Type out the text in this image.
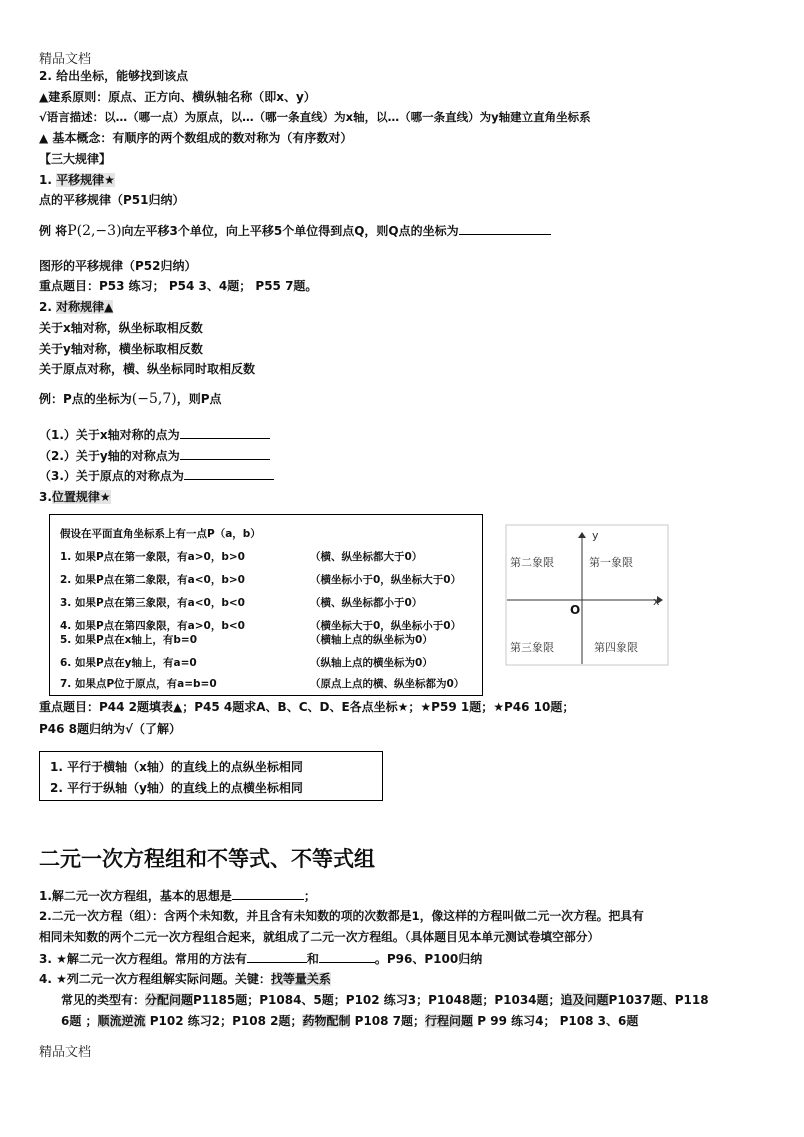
精品文档
2. 给出坐标，能够找到该点
▲建系原则：原点、正方向、横纵轴名称（即x、y）
√语言描述：以…（哪一点）为原点，以…（哪一条直线）为x轴，以…（哪一条直线）为y轴建立直角坐标系
▲ 基本概念：有顺序的两个数组成的数对称为（有序数对）
【三大规律】
1. 平移规律★
点的平移规律（P51归纳）
例 将P(2,−3)向左平移3个单位，向上平移5个单位得到点Q，则Q点的坐标为
图形的平移规律（P52归纳）
重点题目：P53 练习； P54 3、4题； P55 7题。
2. 对称规律▲
关于x轴对称，纵坐标取相反数
关于y轴对称，横坐标取相反数
关于原点对称，横、纵坐标同时取相反数
例：P点的坐标为(−5,7)，则P点
（1.）关于x轴对称的点为
（2.）关于y轴的对称点为
（3.）关于原点的对称点为
3.位置规律★
假设在平面直角坐标系上有一点P（a，b）
1. 如果P点在第一象限，有a>0，b>0	（横、纵坐标都大于0）
2. 如果P点在第二象限，有a<0，b>0	（横坐标小于0，纵坐标大于0）
3. 如果P点在第三象限，有a<0，b<0	（横、纵坐标都小于0）
4. 如果P点在第四象限，有a>0，b<0	（横坐标大于0，纵坐标小于0）
5. 如果P点在x轴上，有b=0	（横轴上点的纵坐标为0）
6. 如果P点在y轴上，有a=0	（纵轴上点的横坐标为0）
7. 如果点P位于原点，有a=b=0	（原点上点的横、纵坐标都为0）
y
x
O
第二象限	第一象限
第三象限	第四象限
重点题目：P44 2题填表▲；P45 4题求A、B、C、D、E各点坐标★；★P59 1题；★P46 10题；
P46 8题归纳为√（了解）
1. 平行于横轴（x轴）的直线上的点纵坐标相同
2. 平行于纵轴（y轴）的直线上的点横坐标相同
二元一次方程组和不等式、不等式组
1.解二元一次方程组，基本的思想是	；
2.二元一次方程（组）：含两个未知数，并且含有未知数的项的次数都是1，像这样的方程叫做二元一次方程。把具有
相同未知数的两个二元一次方程组合起来，就组成了二元一次方程组。（具体题目见本单元测试卷填空部分）
3. ★解二元一次方程组。常用的方法有	和	。P96、P100归纳
4. ★列二元一次方程组解实际问题。关键：找等量关系
常见的类型有：分配问题P1185题；P1084、5题；P102 练习3；P1048题；P1034题；追及问题P1037题、P118
6题 ；顺流逆流 P102 练习2；P108 2题；药物配制 P108 7题；行程问题 P 99 练习4； P108 3、6题
精品文档
